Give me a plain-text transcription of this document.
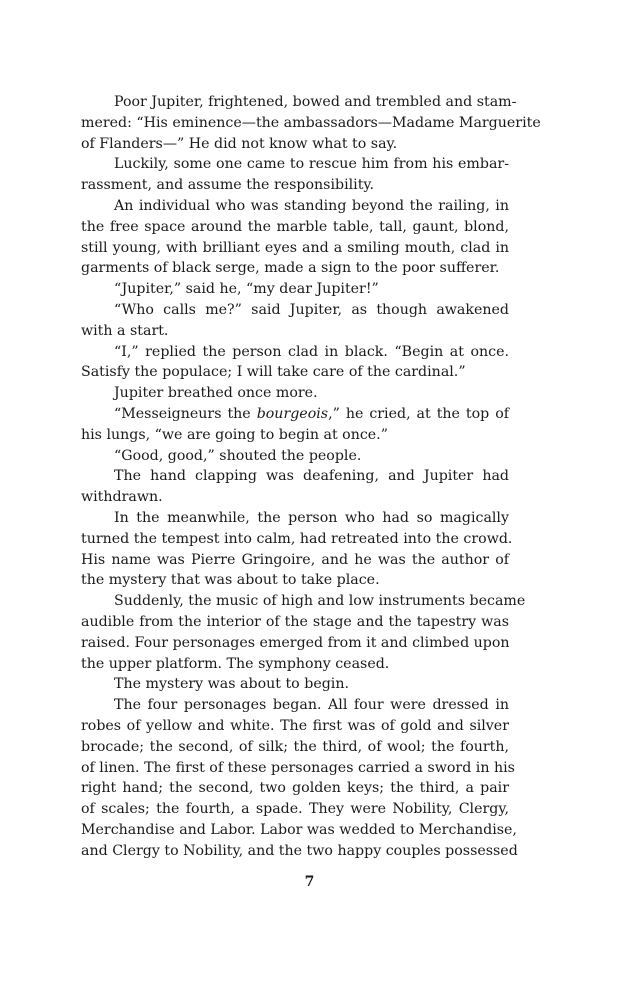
Poor Jupiter, frightened, bowed and trembled and stam-
mered: “His eminence—the ambassadors—Madame Marguerite
of Flanders—” He did not know what to say.
Luckily, some one came to rescue him from his embar-
rassment, and assume the responsibility.
An individual who was standing beyond the railing, in
the free space around the marble table, tall, gaunt, blond,
still young, with brilliant eyes and a smiling mouth, clad in
garments of black serge, made a sign to the poor sufferer.
“Jupiter,” said he, “my dear Jupiter!”
“Who calls me?” said Jupiter, as though awakened
with a start.
“I,” replied the person clad in black. “Begin at once.
Satisfy the populace; I will take care of the cardinal.”
Jupiter breathed once more.
“Messeigneurs the bourgeois,” he cried, at the top of
his lungs, “we are going to begin at once.”
“Good, good,” shouted the people.
The hand clapping was deafening, and Jupiter had
withdrawn.
In the meanwhile, the person who had so magically
turned the tempest into calm, had retreated into the crowd.
His name was Pierre Gringoire, and he was the author of
the mystery that was about to take place.
Suddenly, the music of high and low instruments became
audible from the interior of the stage and the tapestry was
raised. Four personages emerged from it and climbed upon
the upper platform. The symphony ceased.
The mystery was about to begin.
The four personages began. All four were dressed in
robes of yellow and white. The first was of gold and silver
brocade; the second, of silk; the third, of wool; the fourth,
of linen. The first of these personages carried a sword in his
right hand; the second, two golden keys; the third, a pair
of scales; the fourth, a spade. They were Nobility, Clergy,
Merchandise and Labor. Labor was wedded to Merchandise,
and Clergy to Nobility, and the two happy couples possessed
7
